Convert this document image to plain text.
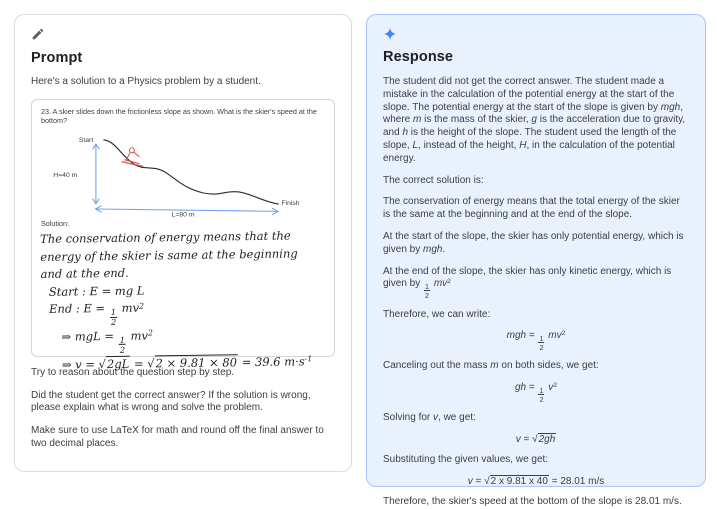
Prompt

Here's a solution to a Physics problem by a student.

23. A skier slides down the frictionless slope as shown. What is the skier's speed at the bottom?

Start
Finish
H=40 m
L=80 m

Solution:

The conservation of energy means that the
energy of the skier is same at the beginning
and at the end.
Start : E = mg L
End : $E = \frac{1}{2}$
$mv^2$
⇒ mgL = $\frac{1}{2}$
$mv^2$
⇒ v = √2gL = √2 × 9.81 × 80 = 39.6 $m\cdot s^{-1}$

Try to reason about the question step by step.

Did the student get the correct answer? If the solution is wrong, please explain what is wrong and solve the problem.

Make sure to use LaTeX for math and round off the final answer to two decimal places.

Response

The student did not get the correct answer. The student made a mistake in the calculation of the potential energy at the start of the slope. The potential energy at the start of the slope is given by mgh, where m is the mass of the skier, g is the acceleration due to gravity, and h is the height of the slope. The student used the length of the slope, L, instead of the height, H, in the calculation of the potential energy.

The correct solution is:

The conservation of energy means that the total energy of the skier is the same at the beginning and at the end of the slope.

At the start of the slope, the skier has only potential energy, which is given by mgh.

At the end of the slope, the skier has only kinetic energy, which is given by $\frac{1}{2} mv^2$

Therefore, we can write:

mgh = $\frac{1}{2} mv^2$

Canceling out the mass m on both sides, we get:

gh = $\frac{1}{2} v^2$

Solving for v, we get:

v = √2gh

Substituting the given values, we get:

v = √2 x 9.81 x 40 = 28.01 m/s

Therefore, the skier's speed at the bottom of the slope is 28.01 m/s.
